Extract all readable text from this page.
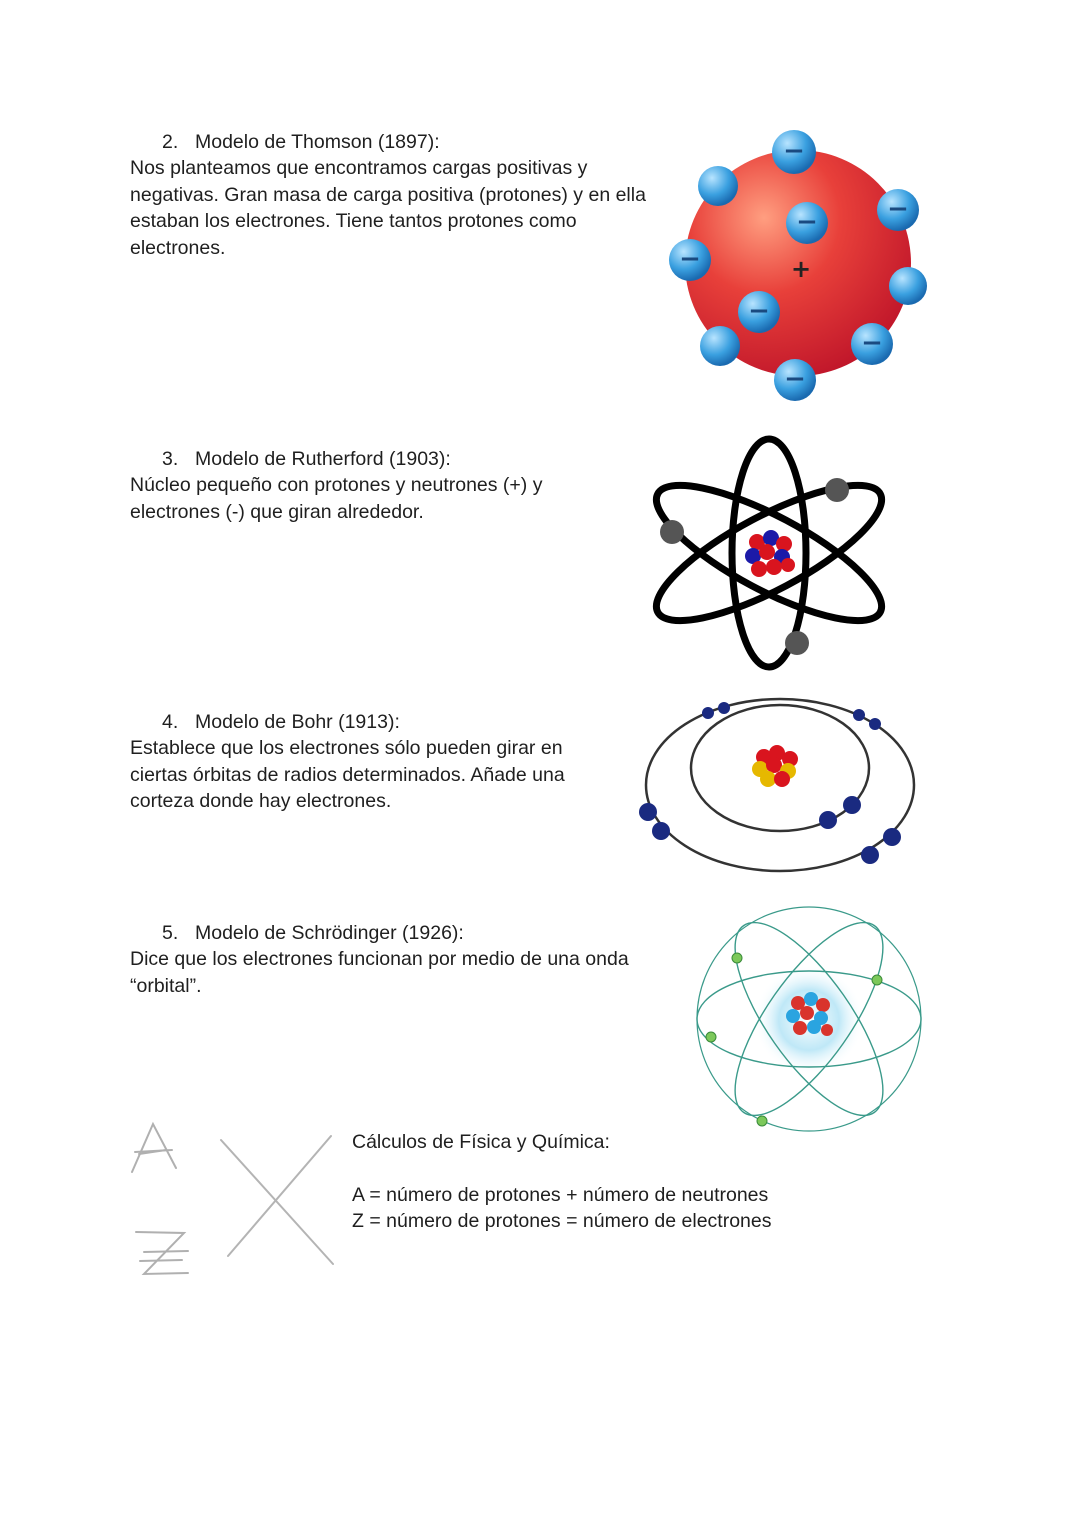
2. Modelo de Thomson (1897):

Nos planteamos que encontramos cargas positivas y negativas. Gran masa de carga positiva (protones) y en ella estaban los electrones. Tiene tantos protones como electrones.

3. Modelo de Rutherford (1903):

Núcleo pequeño con protones y neutrones (+) y electrones (-) que giran alrededor.

4. Modelo de Bohr (1913):

Establece que los electrones sólo pueden girar en ciertas órbitas de radios determinados. Añade una corteza donde hay electrones.

5. Modelo de Schrödinger (1926):

Dice que los electrones funcionan por medio de una onda “orbital”.

−
−
−
−
−
−
−
+
Cálculos de Física y Química:
A = número de protones + número de neutrones
Z = número de protones = número de electrones
